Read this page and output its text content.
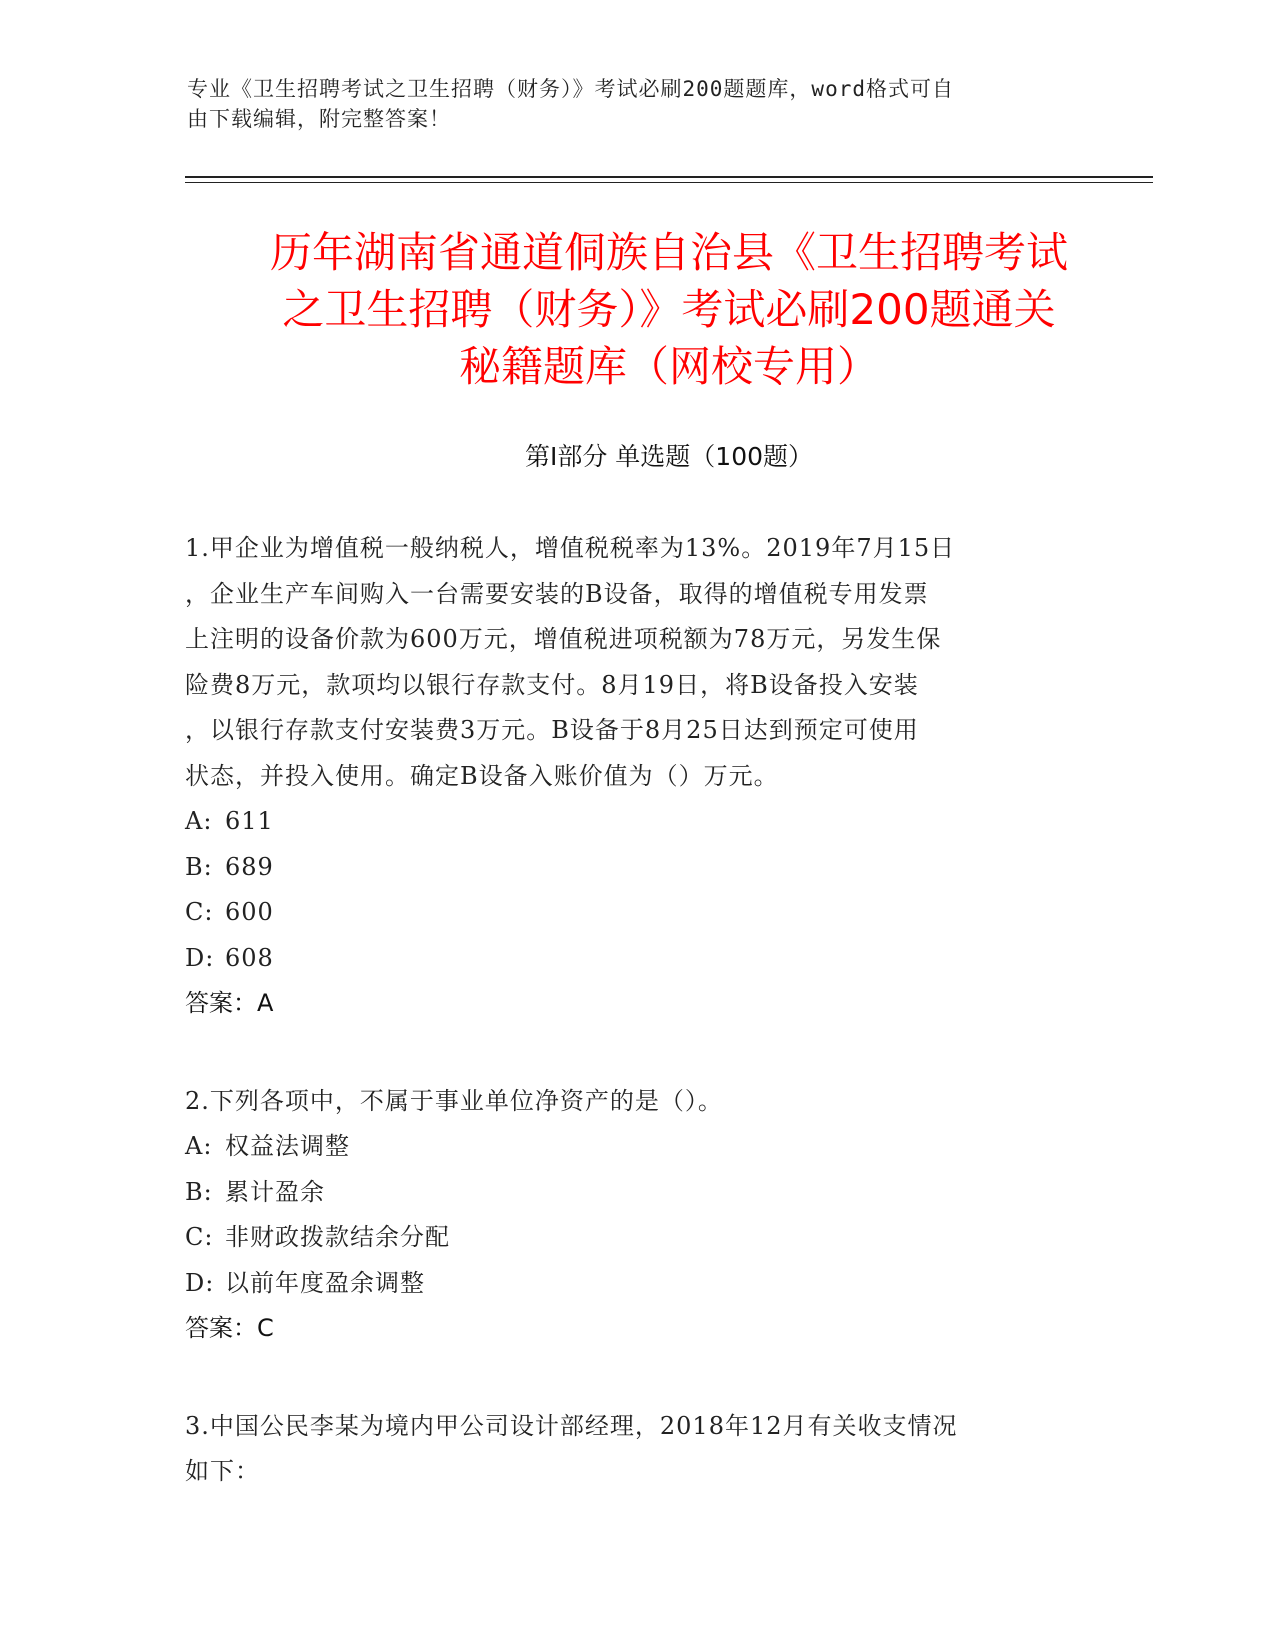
专业《卫生招聘考试之卫生招聘（财务）》考试必刷200题题库，word格式可自
由下载编辑，附完整答案！
历年湖南省通道侗族自治县《卫生招聘考试
之卫生招聘（财务）》考试必刷200题通关
秘籍题库（网校专用）
第I部分 单选题（100题）
1.甲企业为增值税一般纳税人，增值税税率为13%。2019年7月15日
，企业生产车间购入一台需要安装的B设备，取得的增值税专用发票
上注明的设备价款为600万元，增值税进项税额为78万元，另发生保
险费8万元，款项均以银行存款支付。8月19日，将B设备投入安装
，以银行存款支付安装费3万元。B设备于8月25日达到预定可使用
状态，并投入使用。确定B设备入账价值为（）万元。
A: 611
B: 689
C: 600
D: 608
答案：A
2.下列各项中，不属于事业单位净资产的是（）。
A: 权益法调整
B: 累计盈余
C: 非财政拨款结余分配
D: 以前年度盈余调整
答案：C
3.中国公民李某为境内甲公司设计部经理，2018年12月有关收支情况
如下：
